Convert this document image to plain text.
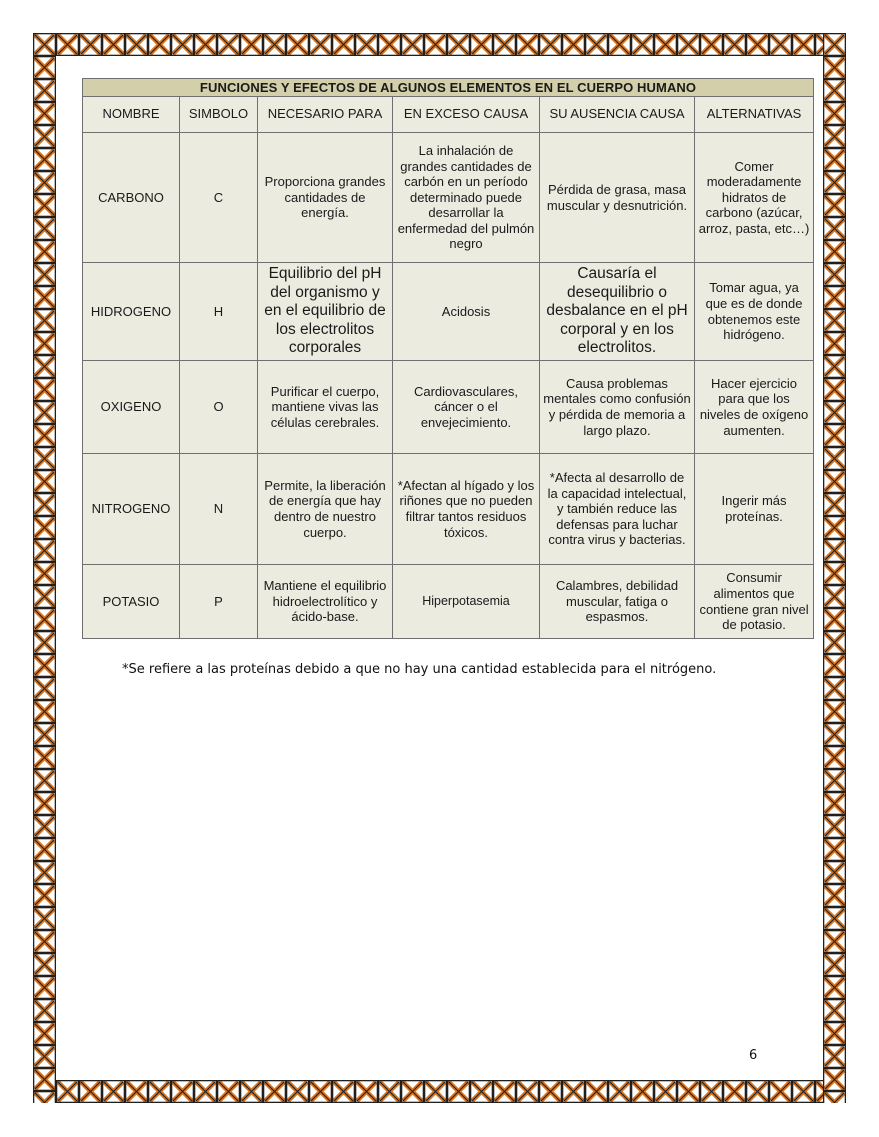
FUNCIONES Y EFECTOS DE ALGUNOS ELEMENTOS EN EL CUERPO HUMANO					
NOMBRE	SIMBOLO	NECESARIO PARA	EN EXCESO CAUSA	SU AUSENCIA CAUSA	ALTERNATIVAS
CARBONO	C	Proporciona grandes cantidades de energía.	La inhalación de grandes cantidades de carbón en un período determinado puede desarrollar la enfermedad del pulmón negro	Pérdida de grasa, masa muscular y desnutrición.	Comer moderadamente hidratos de carbono (azúcar, arroz, pasta, etc…)
HIDROGENO	H	Equilibrio del pH del organismo y en el equilibrio de los electrolitos corporales	Acidosis	Causaría el desequilibrio o desbalance en el pH corporal y en los electrolitos.	Tomar agua, ya que es de donde obtenemos este hidrógeno.
OXIGENO	O	Purificar el cuerpo, mantiene vivas las células cerebrales.	Cardiovasculares, cáncer o el envejecimiento.	Causa problemas mentales como confusión y pérdida de memoria a largo plazo.	Hacer ejercicio para que los niveles de oxígeno aumenten.
NITROGENO	N	Permite, la liberación de energía que hay dentro de nuestro cuerpo.	*Afectan al hígado y los riñones que no pueden filtrar tantos residuos tóxicos.	*Afecta al desarrollo de la capacidad intelectual, y también reduce las defensas para luchar contra virus y bacterias.	Ingerir más proteínas.
POTASIO	P	Mantiene el equilibrio hidroelectrolítico y ácido-base.	Hiperpotasemia	Calambres, debilidad muscular, fatiga o espasmos.	Consumir alimentos que contiene gran nivel de potasio.
*Se refiere a las proteínas debido a que no hay una cantidad establecida para el nitrógeno.
6
